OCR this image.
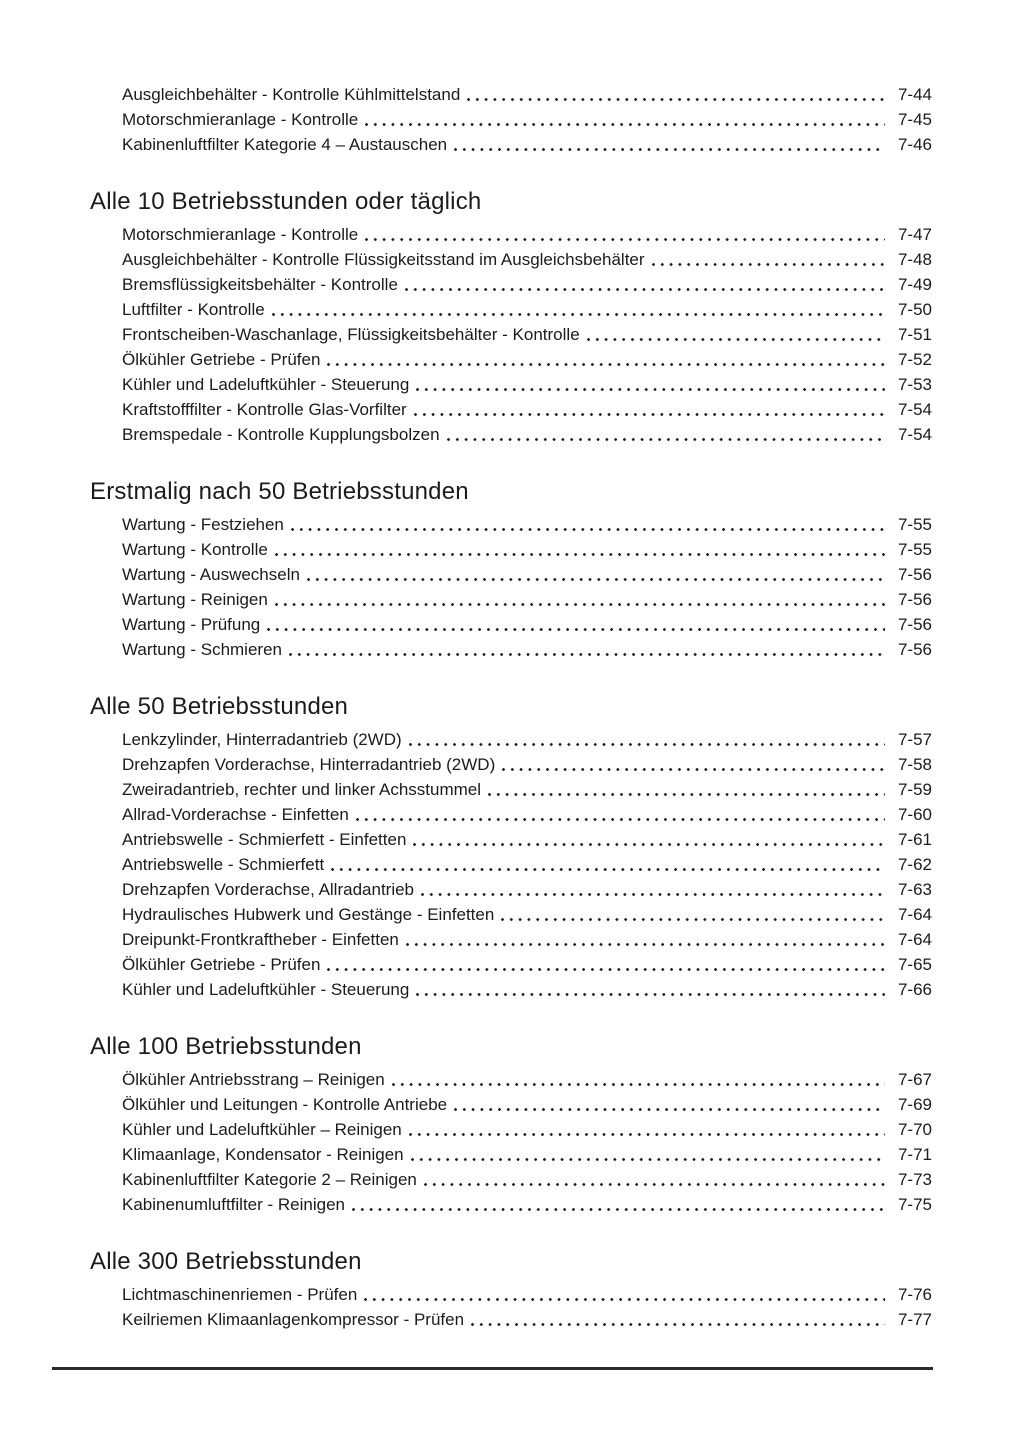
Ausgleichbehälter - Kontrolle Kühlmittelstand	7-44
Motorschmieranlage - Kontrolle	7-45
Kabinenluftfilter Kategorie 4 – Austauschen	7-46
Alle 10 Betriebsstunden oder täglich
Motorschmieranlage - Kontrolle	7-47
Ausgleichbehälter - Kontrolle Flüssigkeitsstand im Ausgleichsbehälter	7-48
Bremsflüssigkeitsbehälter - Kontrolle	7-49
Luftfilter - Kontrolle	7-50
Frontscheiben-Waschanlage, Flüssigkeitsbehälter - Kontrolle	7-51
Ölkühler Getriebe - Prüfen	7-52
Kühler und Ladeluftkühler - Steuerung	7-53
Kraftstofffilter - Kontrolle Glas-Vorfilter	7-54
Bremspedale - Kontrolle Kupplungsbolzen	7-54
Erstmalig nach 50 Betriebsstunden
Wartung - Festziehen	7-55
Wartung - Kontrolle	7-55
Wartung - Auswechseln	7-56
Wartung - Reinigen	7-56
Wartung - Prüfung	7-56
Wartung - Schmieren	7-56
Alle 50 Betriebsstunden
Lenkzylinder, Hinterradantrieb (2WD)	7-57
Drehzapfen Vorderachse, Hinterradantrieb (2WD)	7-58
Zweiradantrieb, rechter und linker Achsstummel	7-59
Allrad-Vorderachse - Einfetten	7-60
Antriebswelle - Schmierfett - Einfetten	7-61
Antriebswelle - Schmierfett	7-62
Drehzapfen Vorderachse, Allradantrieb	7-63
Hydraulisches Hubwerk und Gestänge - Einfetten	7-64
Dreipunkt-Frontkraftheber - Einfetten	7-64
Ölkühler Getriebe - Prüfen	7-65
Kühler und Ladeluftkühler - Steuerung	7-66
Alle 100 Betriebsstunden
Ölkühler Antriebsstrang – Reinigen	7-67
Ölkühler und Leitungen - Kontrolle Antriebe	7-69
Kühler und Ladeluftkühler – Reinigen	7-70
Klimaanlage, Kondensator - Reinigen	7-71
Kabinenluftfilter Kategorie 2 – Reinigen	7-73
Kabinenumluftfilter - Reinigen	7-75
Alle 300 Betriebsstunden
Lichtmaschinenriemen - Prüfen	7-76
Keilriemen Klimaanlagenkompressor - Prüfen	7-77
